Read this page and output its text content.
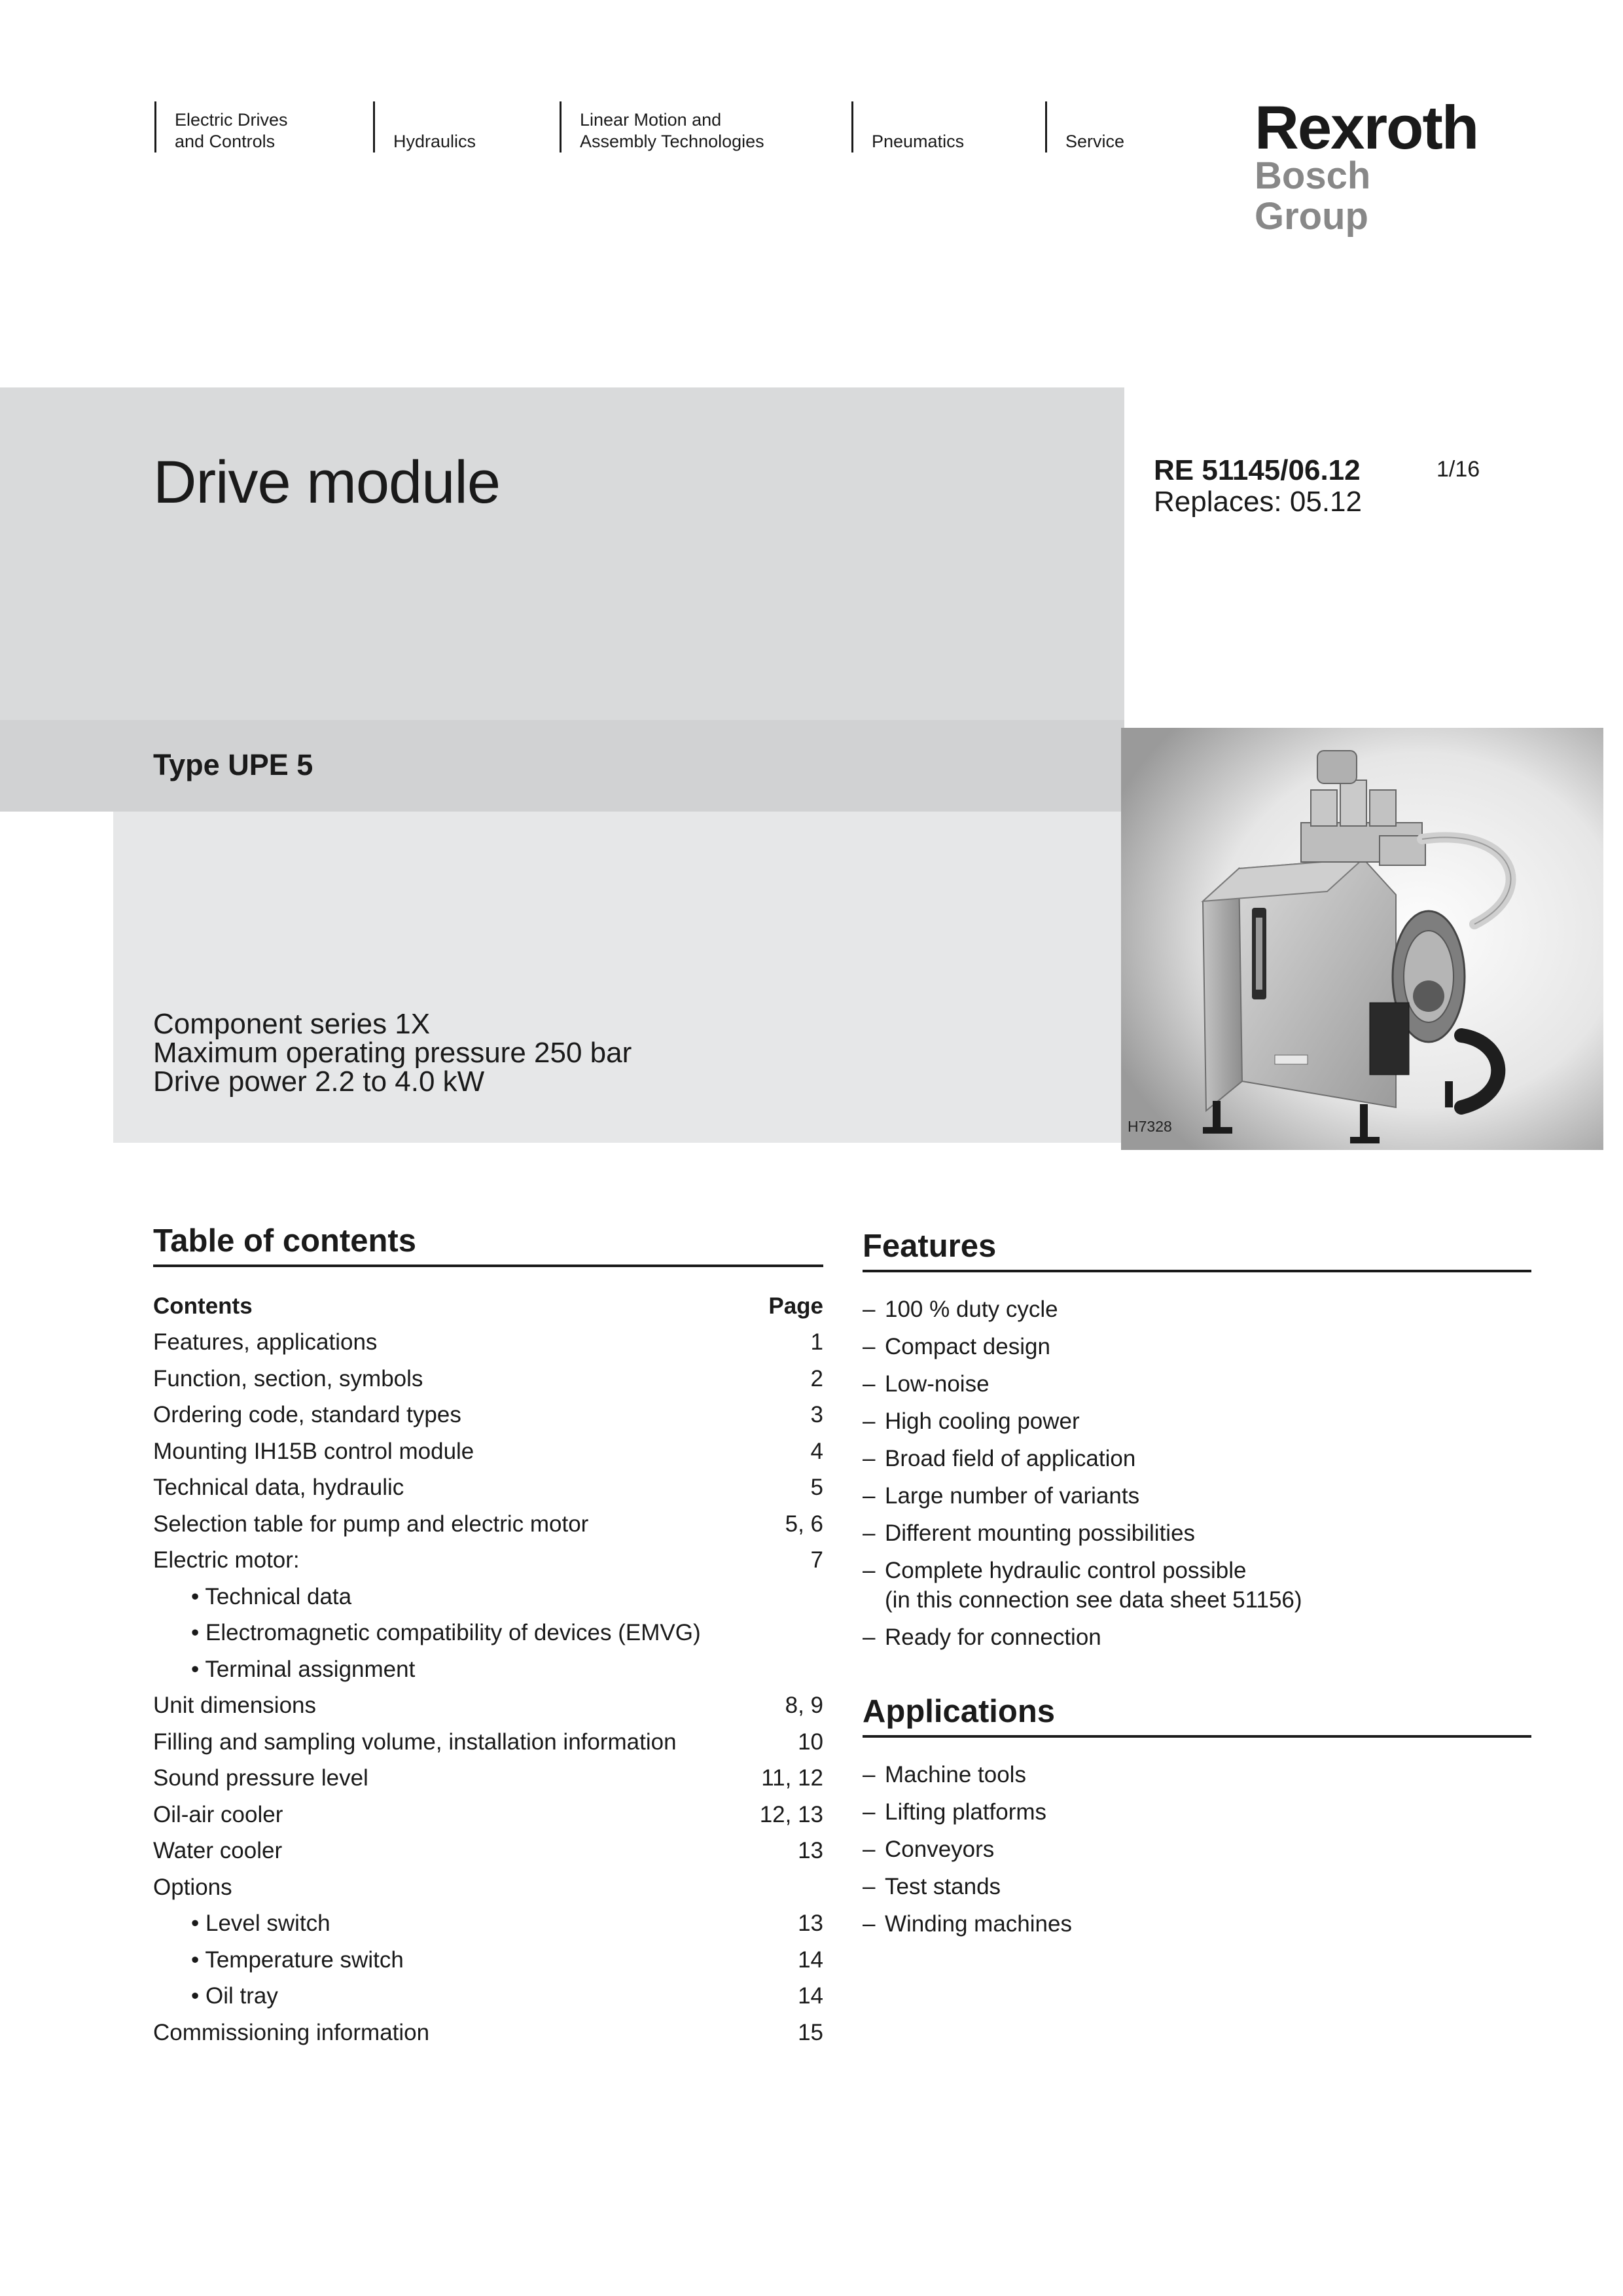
Electric Drives
and Controls	Hydraulics
Linear Motion and
Assembly Technologies	Pneumatics	Service Rexroth
Bosch Group
Drive module
Type UPE 5
Component series 1X
Maximum operating pressure 250 bar
Drive power 2.2 to 4.0 kW
RE 51145/06.12
Replaces: 05.12
1/16
H7328
Table of contents
Contents	Page
Features, applications	1
Function, section, symbols	2
Ordering code, standard types	3
Mounting IH15B control module	4
Technical data, hydraulic	5
Selection table for pump and electric motor	5, 6
Electric motor:	7
• Technical data
• Electromagnetic compatibility of devices (EMVG)
• Terminal assignment
Unit dimensions	8, 9
Filling and sampling volume, installation information	10
Sound pressure level	11, 12
Oil-air cooler	12, 13
Water cooler	13
Options
• Level switch	13
• Temperature switch	14
• Oil tray	14
Commissioning information	15
Features
– 100 % duty cycle
– Compact design
– Low-noise
– High cooling power
– Broad field of application
– Large number of variants
– Different mounting possibilities
– Complete hydraulic control possible
(in this connection see data sheet 51156)
– Ready for connection
Applications
– Machine tools
– Lifting platforms
– Conveyors
– Test stands
– Winding machines
